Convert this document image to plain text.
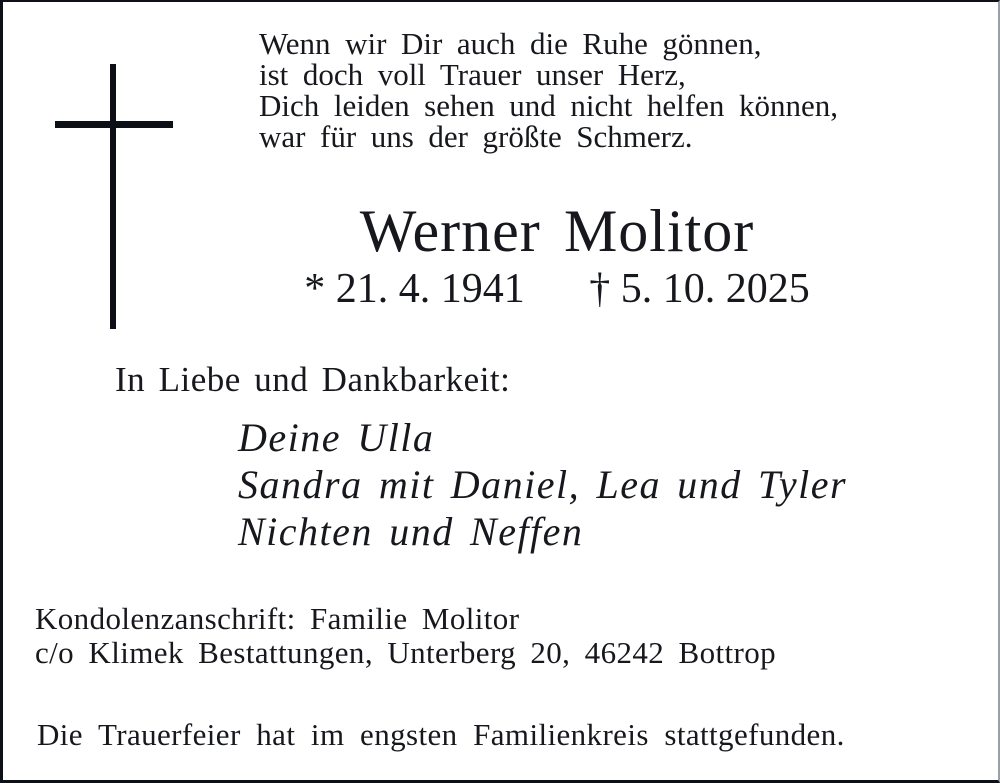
Wenn wir Dir auch die Ruhe gönnen,
ist doch voll Trauer unser Herz,
Dich leiden sehen und nicht helfen können,
war für uns der größte Schmerz.
Werner Molitor
* 21. 4. 1941 † 5. 10. 2025
In Liebe und Dankbarkeit:
Deine Ulla
Sandra mit Daniel, Lea und Tyler
Nichten und Neffen
Kondolenzanschrift: Familie Molitor
c/o Klimek Bestattungen, Unterberg 20, 46242 Bottrop
Die Trauerfeier hat im engsten Familienkreis stattgefunden.
